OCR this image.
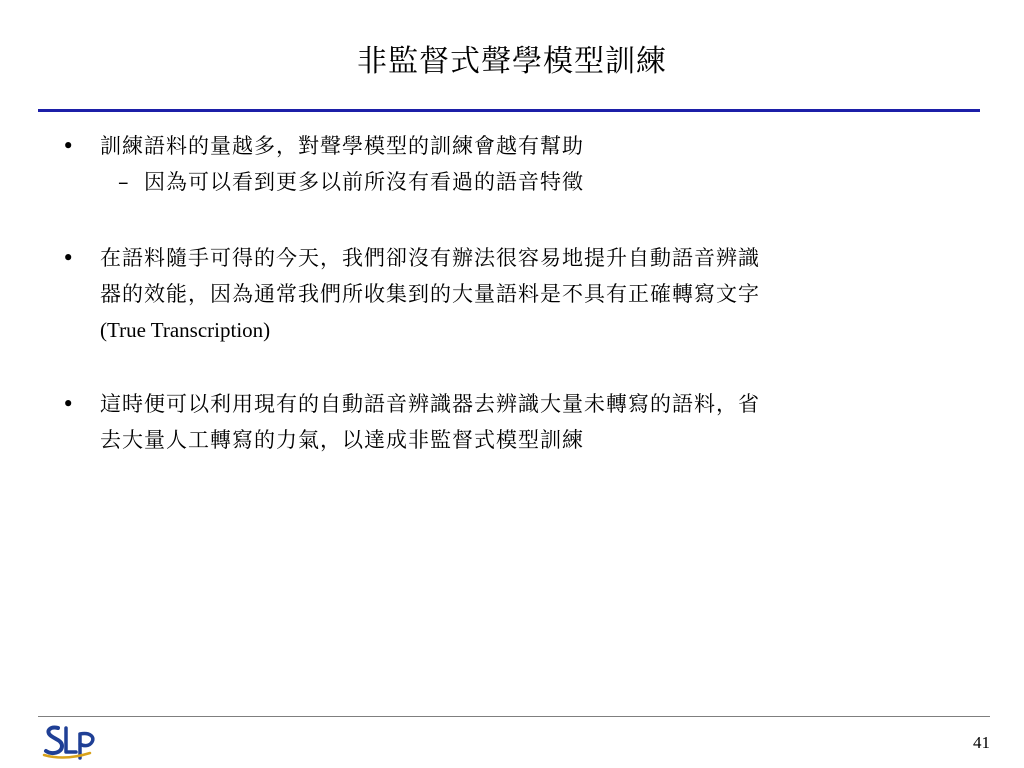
非監督式聲學模型訓練
• 訓練語料的量越多，對聲學模型的訓練會越有幫助
– 因為可以看到更多以前所沒有看過的語音特徵
• 在語料隨手可得的今天，我們卻沒有辦法很容易地提升自動語音辨識
器的效能，因為通常我們所收集到的大量語料是不具有正確轉寫文字
(True Transcription)
• 這時便可以利用現有的自動語音辨識器去辨識大量未轉寫的語料，省
去大量人工轉寫的力氣，以達成非監督式模型訓練
41
